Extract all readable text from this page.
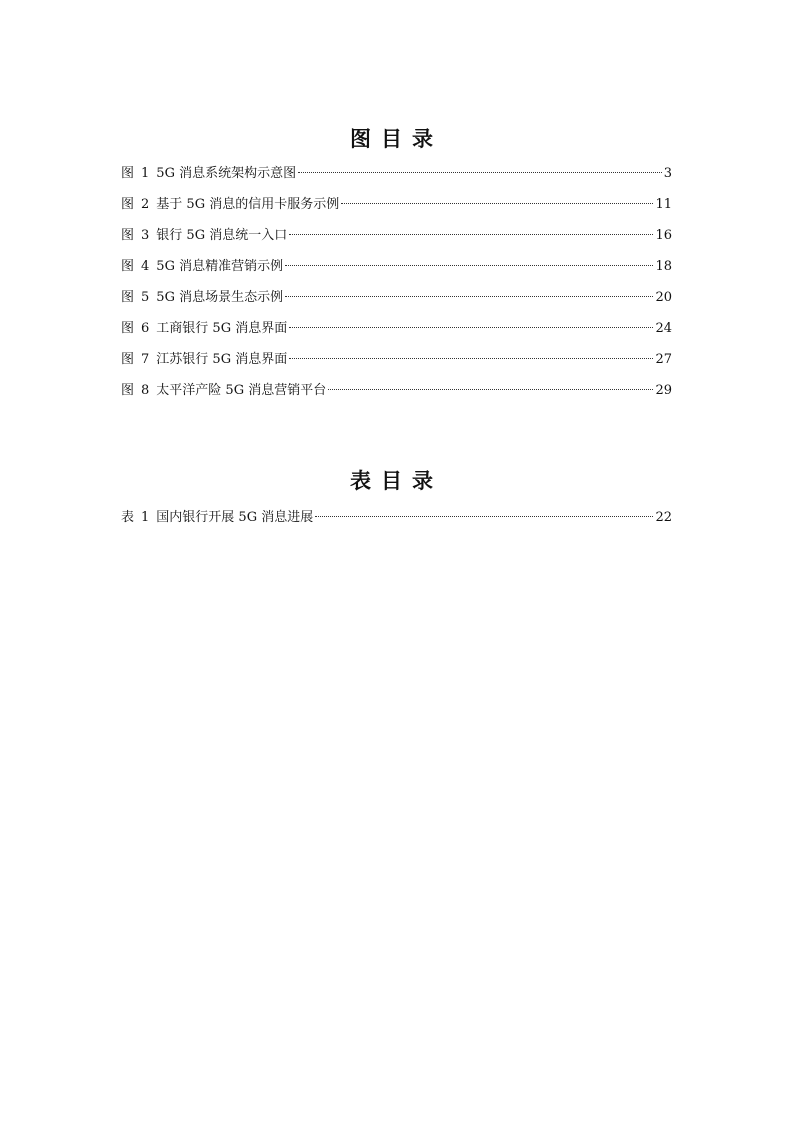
图目录
图 1 5G 消息系统架构示意图	3
图 2 基于 5G 消息的信用卡服务示例	11
图 3 银行 5G 消息统一入口	16
图 4 5G 消息精准营销示例	18
图 5 5G 消息场景生态示例	20
图 6 工商银行 5G 消息界面	24
图 7 江苏银行 5G 消息界面	27
图 8 太平洋产险 5G 消息营销平台	29
表目录
表 1 国内银行开展 5G 消息进展	22
